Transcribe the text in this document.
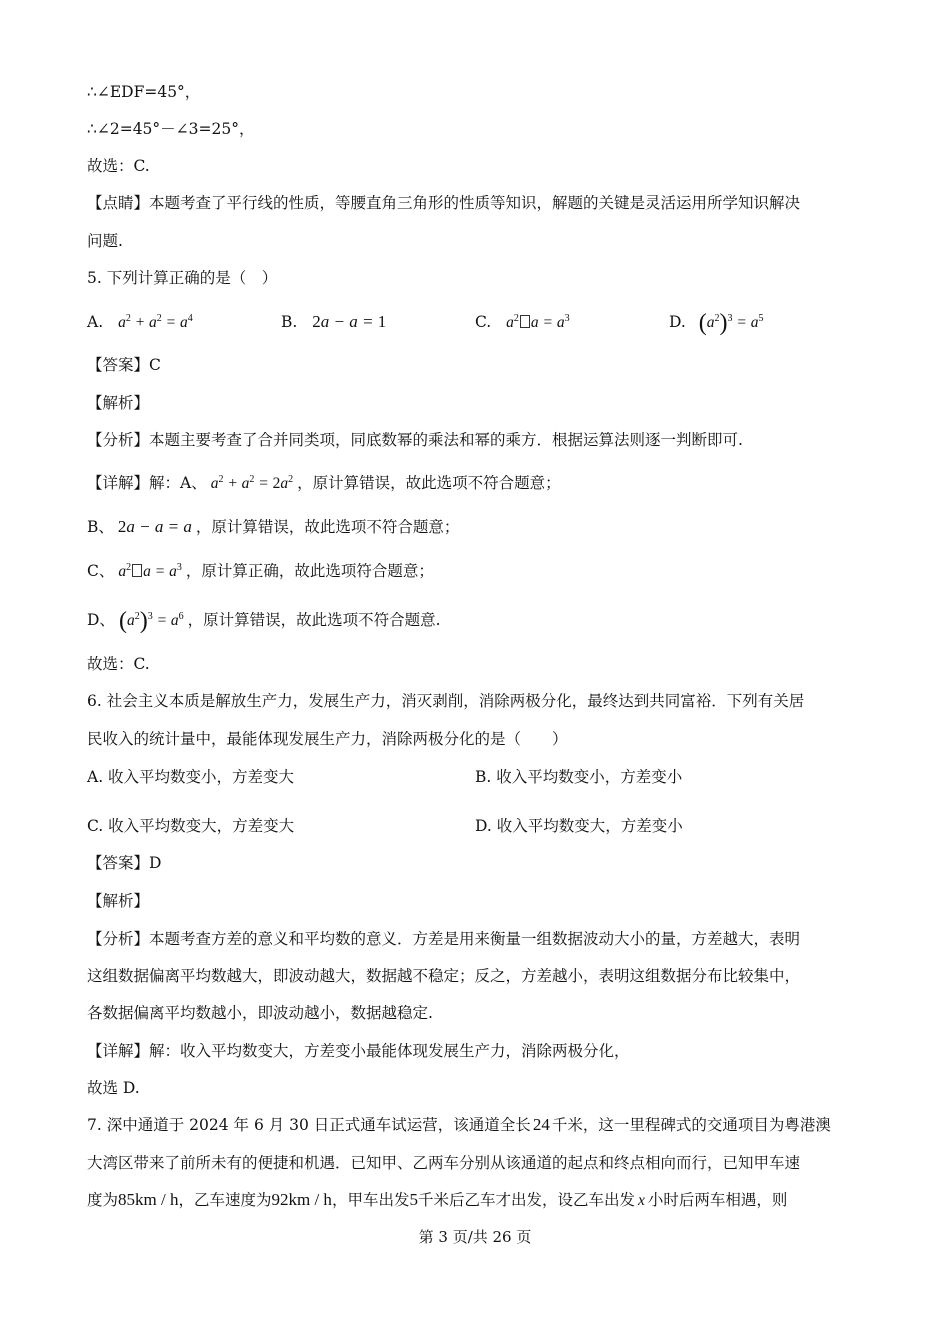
∴∠EDF=45°，
∴∠2=45°－∠3=25°，
故选：C.
【点睛】本题考查了平行线的性质，等腰直角三角形的性质等知识，解题的关键是灵活运用所学知识解决
问题.
5. 下列计算正确的是（　）
A. $a^2 + a^2 = a^4$	B. 2a − a = 1	C. $a^2$ $a = a^3$	D. $(a^2)^3 = a^5$
【答案】C
【解析】
【分析】本题主要考查了合并同类项，同底数幂的乘法和幂的乘方．根据运算法则逐一判断即可.
【详解】解：A、 $a^2 + a^2 = 2a^2$ ，原计算错误，故此选项不符合题意；
B、 2a − a = a ，原计算错误，故此选项不符合题意；
C、 $a^2$ $a = a^3$ ，原计算正确，故此选项符合题意；
D、 $(a^2)^3 = a^6$ ，原计算错误，故此选项不符合题意.
故选：C.
6. 社会主义本质是解放生产力，发展生产力，消灭剥削，消除两极分化，最终达到共同富裕．下列有关居
民收入的统计量中，最能体现发展生产力，消除两极分化的是（　　）
A. 收入平均数变小，方差变大	B. 收入平均数变小，方差变小
C. 收入平均数变大，方差变大	D. 收入平均数变大，方差变小
【答案】D
【解析】
【分析】本题考查方差的意义和平均数的意义．方差是用来衡量一组数据波动大小的量，方差越大，表明
这组数据偏离平均数越大，即波动越大，数据越不稳定；反之，方差越小，表明这组数据分布比较集中，
各数据偏离平均数越小，即波动越小，数据越稳定.
【详解】解：收入平均数变大，方差变小最能体现发展生产力，消除两极分化，
故选 D.
7. 深中通道于 2024 年 6 月 30 日正式通车试运营，该通道全长 24 千米，这一里程碑式的交通项目为粤港澳
大湾区带来了前所未有的便捷和机遇．已知甲、乙两车分别从该通道的起点和终点相向而行，已知甲车速
度为85km / h，乙车速度为92km / h，甲车出发5千米后乙车才出发，设乙车出发 x 小时后两车相遇，则
第 3 页/共 26 页
